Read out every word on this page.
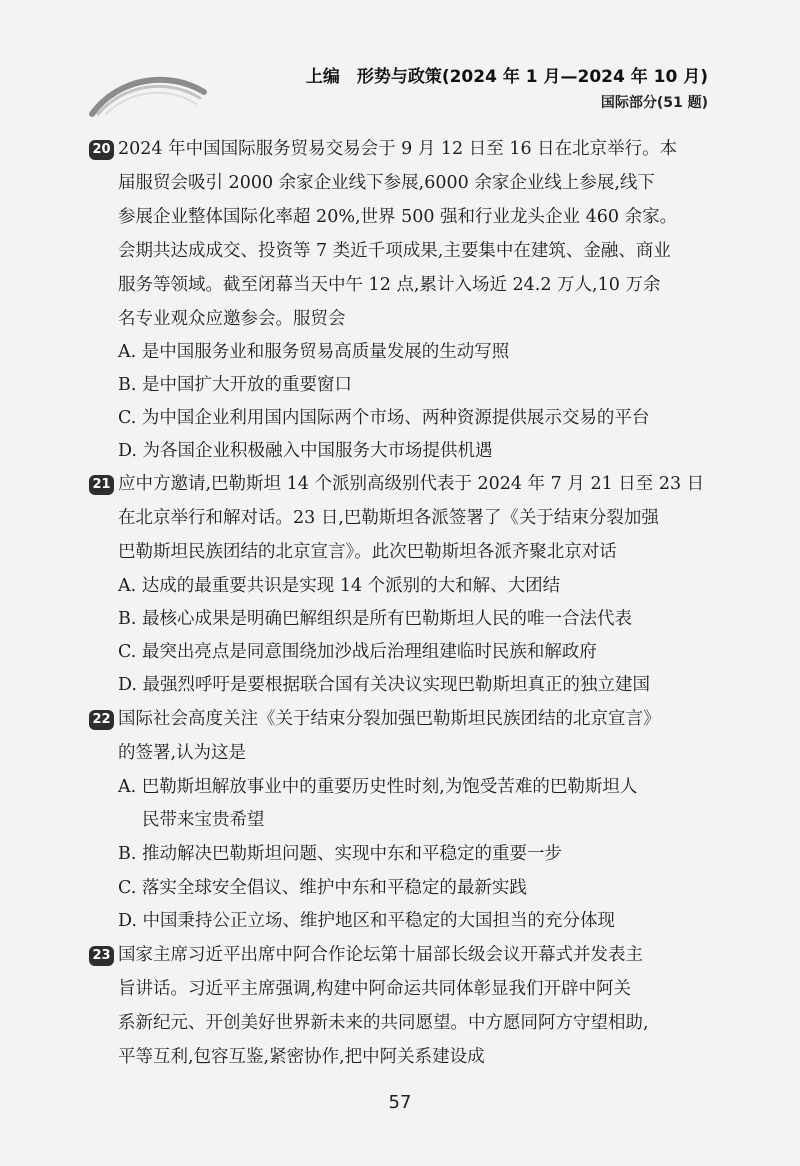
上编　形势与政策(2024 年 1 月—2024 年 10 月)
国际部分(51 题)
20 2024 年中国国际服务贸易交易会于 9 月 12 日至 16 日在北京举行。本
届服贸会吸引 2000 余家企业线下参展,6000 余家企业线上参展,线下
参展企业整体国际化率超 20%,世界 500 强和行业龙头企业 460 余家。
会期共达成成交、投资等 7 类近千项成果,主要集中在建筑、金融、商业
服务等领域。截至闭幕当天中午 12 点,累计入场近 24.2 万人,10 万余
名专业观众应邀参会。服贸会
A. 是中国服务业和服务贸易高质量发展的生动写照
B. 是中国扩大开放的重要窗口
C. 为中国企业利用国内国际两个市场、两种资源提供展示交易的平台
D. 为各国企业积极融入中国服务大市场提供机遇
21 应中方邀请,巴勒斯坦 14 个派别高级别代表于 2024 年 7 月 21 日至 23 日
在北京举行和解对话。23 日,巴勒斯坦各派签署了《关于结束分裂加强
巴勒斯坦民族团结的北京宣言》。此次巴勒斯坦各派齐聚北京对话
A. 达成的最重要共识是实现 14 个派别的大和解、大团结
B. 最核心成果是明确巴解组织是所有巴勒斯坦人民的唯一合法代表
C. 最突出亮点是同意围绕加沙战后治理组建临时民族和解政府
D. 最强烈呼吁是要根据联合国有关决议实现巴勒斯坦真正的独立建国
22 国际社会高度关注《关于结束分裂加强巴勒斯坦民族团结的北京宣言》
的签署,认为这是
A. 巴勒斯坦解放事业中的重要历史性时刻,为饱受苦难的巴勒斯坦人
民带来宝贵希望
B. 推动解决巴勒斯坦问题、实现中东和平稳定的重要一步
C. 落实全球安全倡议、维护中东和平稳定的最新实践
D. 中国秉持公正立场、维护地区和平稳定的大国担当的充分体现
23 国家主席习近平出席中阿合作论坛第十届部长级会议开幕式并发表主
旨讲话。习近平主席强调,构建中阿命运共同体彰显我们开辟中阿关
系新纪元、开创美好世界新未来的共同愿望。中方愿同阿方守望相助,
平等互利,包容互鉴,紧密协作,把中阿关系建设成
57
